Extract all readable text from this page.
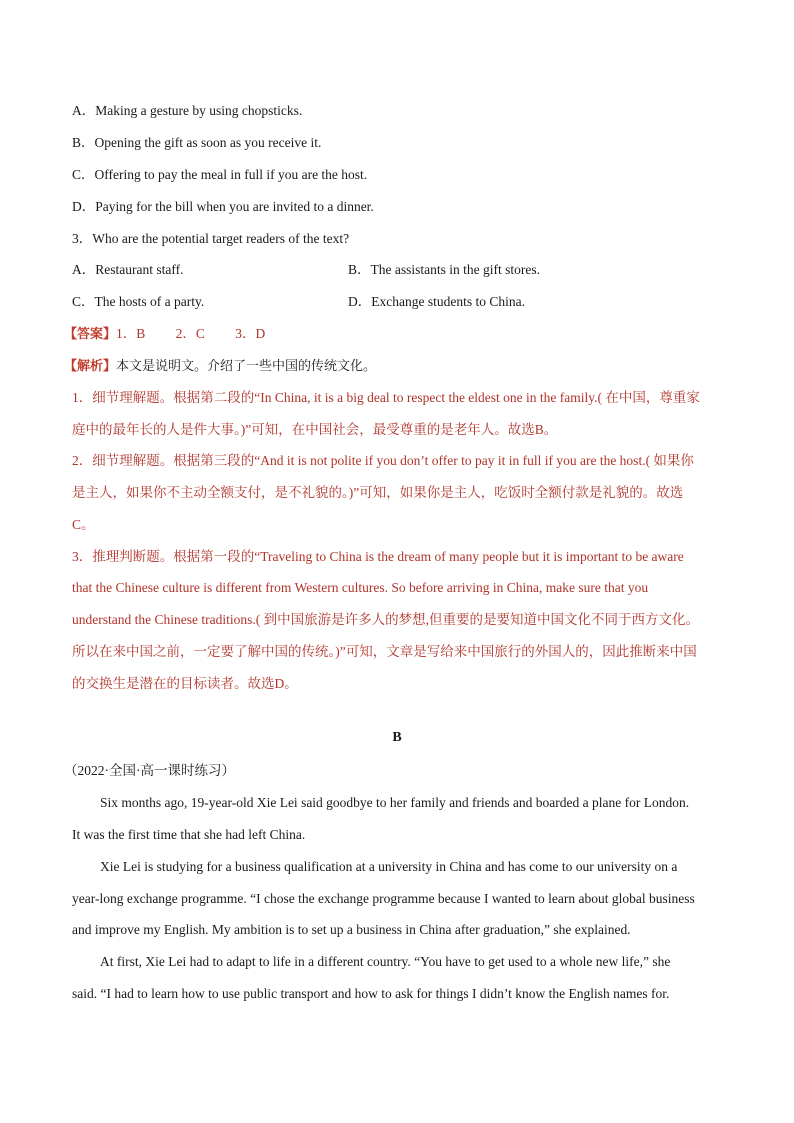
A．Making a gesture by using chopsticks.
B．Opening the gift as soon as you receive it.
C．Offering to pay the meal in full if you are the host.
D．Paying for the bill when you are invited to a dinner.
3．Who are the potential target readers of the text?
A．Restaurant staff.	B．The assistants in the gift stores.
C．The hosts of a party.	D．Exchange students to China.
【答案】1．B　　 2．C　　 3．D
【解析】本文是说明文。介绍了一些中国的传统文化。
1．细节理解题。根据第二段的“In China, it is a big deal to respect the eldest one in the family.( 在中国，尊重家
庭中的最年长的人是件大事。)”可知，在中国社会，最受尊重的是老年人。故选B。
2．细节理解题。根据第三段的“And it is not polite if you don’t offer to pay it in full if you are the host.( 如果你
是主人，如果你不主动全额支付，是不礼貌的。)”可知，如果你是主人，吃饭时全额付款是礼貌的。故选
C。
3．推理判断题。根据第一段的“Traveling to China is the dream of many people but it is important to be aware
that the Chinese culture is different from Western cultures. So before arriving in China, make sure that you
understand the Chinese traditions.( 到中国旅游是许多人的梦想,但重要的是要知道中国文化不同于西方文化。
所以在来中国之前，一定要了解中国的传统。)”可知，文章是写给来中国旅行的外国人的，因此推断来中国
的交换生是潜在的目标读者。故选D。
B
（2022·全国·高一课时练习）
Six months ago, 19-year-old Xie Lei said goodbye to her family and friends and boarded a plane for London.
It was the first time that she had left China.
Xie Lei is studying for a business qualification at a university in China and has come to our university on a
year-long exchange programme. “I chose the exchange programme because I wanted to learn about global business
and improve my English. My ambition is to set up a business in China after graduation,” she explained.
At first, Xie Lei had to adapt to life in a different country. “You have to get used to a whole new life,” she
said. “I had to learn how to use public transport and how to ask for things I didn’t know the English names for.
